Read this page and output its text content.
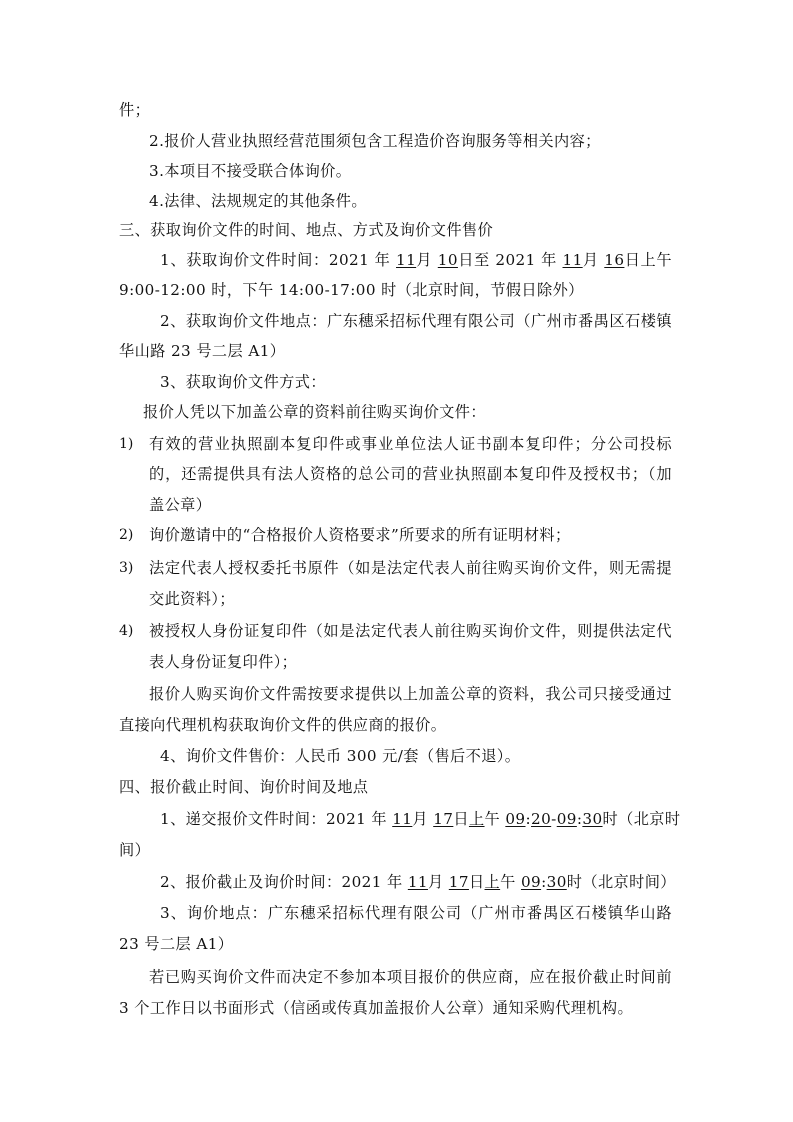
件；
2.报价人营业执照经营范围须包含工程造价咨询服务等相关内容；
3.本项目不接受联合体询价。
4.法律、法规规定的其他条件。
三、获取询价文件的时间、地点、方式及询价文件售价
1、获取询价文件时间：2021 年 11月 10日至 2021 年 11月 16日上午
9:00-12:00 时，下午 14:00-17:00 时（北京时间，节假日除外）
2、获取询价文件地点：广东穗采招标代理有限公司（广州市番禺区石楼镇
华山路 23 号二层 A1）
3、获取询价文件方式：
报价人凭以下加盖公章的资料前往购买询价文件：
1) 有效的营业执照副本复印件或事业单位法人证书副本复印件；分公司投标
的，还需提供具有法人资格的总公司的营业执照副本复印件及授权书；（加
盖公章）
2) 询价邀请中的“合格报价人资格要求”所要求的所有证明材料；
3) 法定代表人授权委托书原件（如是法定代表人前往购买询价文件，则无需提
交此资料）；
4) 被授权人身份证复印件（如是法定代表人前往购买询价文件，则提供法定代
表人身份证复印件）；
报价人购买询价文件需按要求提供以上加盖公章的资料，我公司只接受通过
直接向代理机构获取询价文件的供应商的报价。
4、询价文件售价：人民币 300 元/套（售后不退）。
四、报价截止时间、询价时间及地点
1、递交报价文件时间：2021 年 11月 17日上午 09:20-09:30时（北京时
间）
2、报价截止及询价时间：2021 年 11月 17日上午 09:30时（北京时间）
3、询价地点：广东穗采招标代理有限公司（广州市番禺区石楼镇华山路
23 号二层 A1）
若已购买询价文件而决定不参加本项目报价的供应商，应在报价截止时间前
3 个工作日以书面形式（信函或传真加盖报价人公章）通知采购代理机构。
